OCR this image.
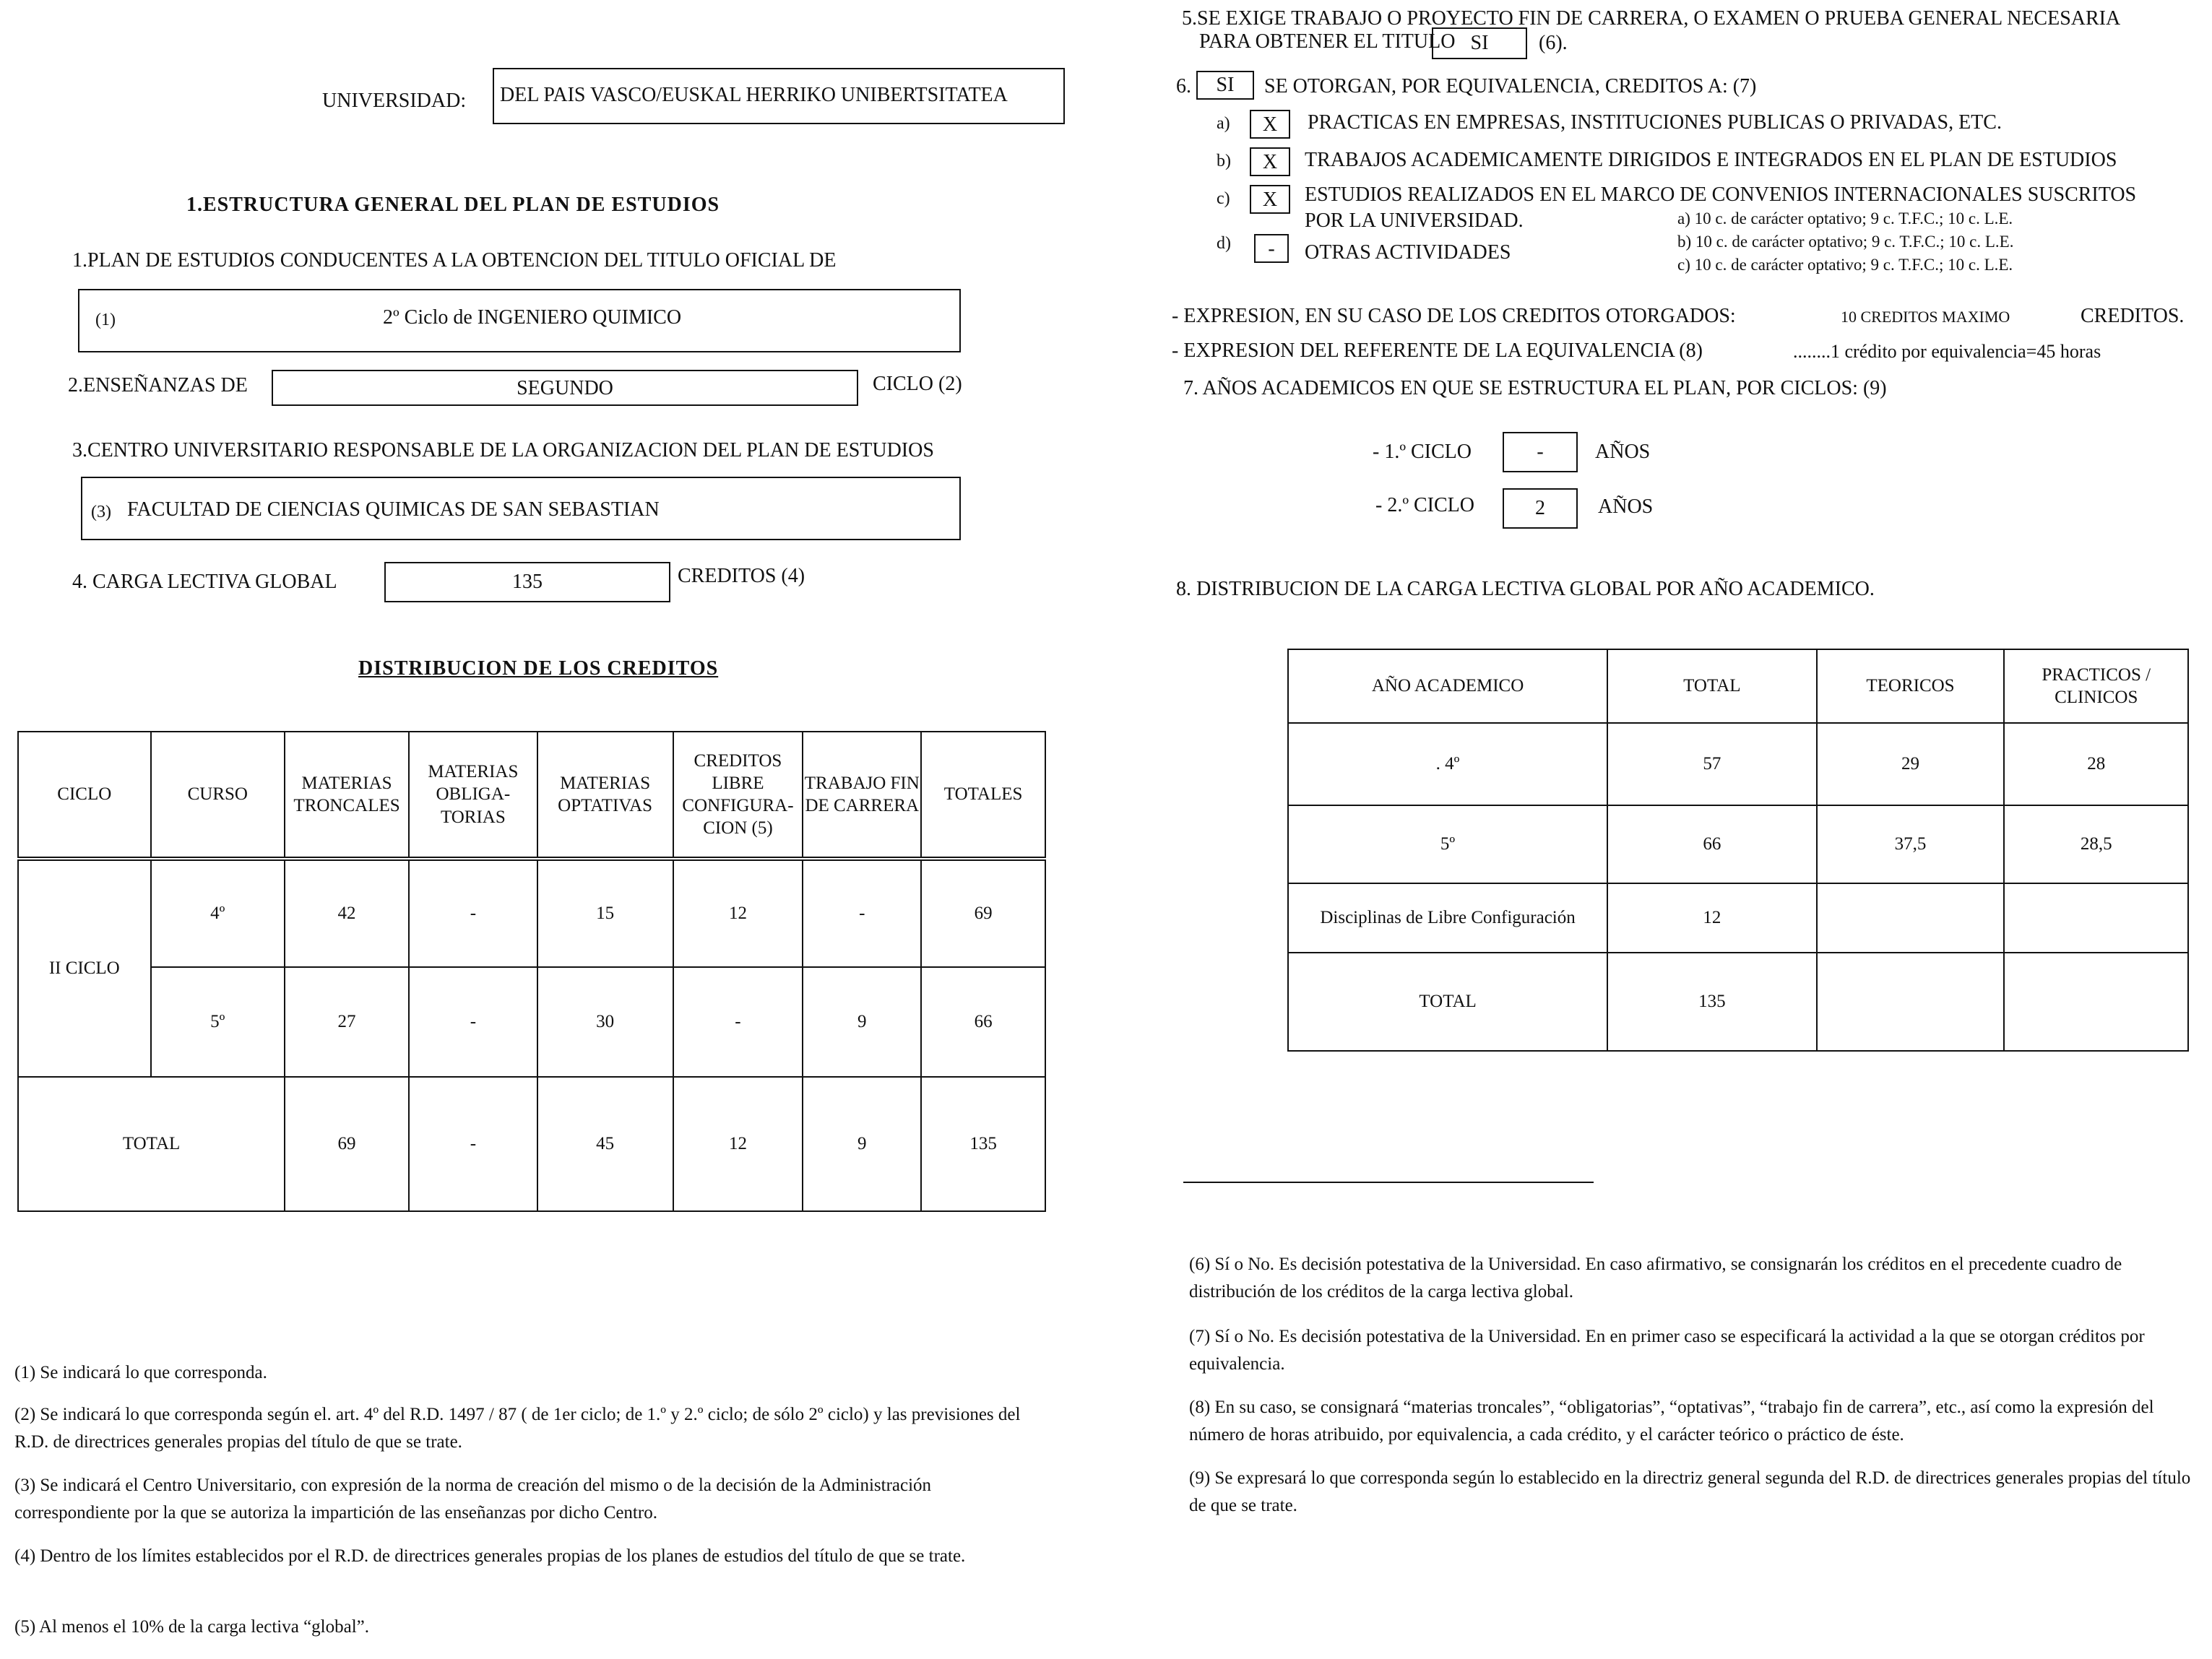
UNIVERSIDAD:	DEL PAIS VASCO/EUSKAL HERRIKO UNIBERTSITATEA
1.ESTRUCTURA GENERAL DEL PLAN DE ESTUDIOS
1.PLAN DE ESTUDIOS CONDUCENTES A LA OBTENCION DEL TITULO OFICIAL DE
(1)	2º Ciclo de INGENIERO QUIMICO
2.ENSEÑANZAS DE	SEGUNDO	CICLO (2)
3.CENTRO UNIVERSITARIO RESPONSABLE DE LA ORGANIZACION DEL PLAN DE ESTUDIOS
(3) FACULTAD DE CIENCIAS QUIMICAS DE SAN SEBASTIAN
4. CARGA LECTIVA GLOBAL	135	CREDITOS (4)
DISTRIBUCION DE LOS CREDITOS
CICLO	CURSO	MATERIAS TRONCALES	MATERIAS OBLIGA-TORIAS	MATERIAS OPTATIVAS	CREDITOS LIBRE CONFIGURA-CION (5)	TRABAJO FIN DE CARRERA	TOTALES
II CICLO	4º	42	-	15	12	-	69
	5º	27	-	30	-	9	66
TOTAL		69	-	45	12	9	135
(1) Se indicará lo que corresponda.
(2) Se indicará lo que corresponda según el. art. 4º del R.D. 1497 / 87 ( de 1er ciclo; de 1.º y 2.º ciclo; de sólo 2º ciclo) y las previsiones del R.D. de directrices generales propias del título de que se trate.
(3) Se indicará el Centro Universitario, con expresión de la norma de creación del mismo o de la decisión de la Administración correspondiente por la que se autoriza la impartición de las enseñanzas por dicho Centro.
(4) Dentro de los límites establecidos por el R.D. de directrices generales propias de los planes de estudios del título de que se trate.
(5) Al menos el 10% de la carga lectiva “global”.
5.SE EXIGE TRABAJO O PROYECTO FIN DE CARRERA, O EXAMEN O PRUEBA GENERAL NECESARIA
PARA OBTENER EL TITULO SI	(6).
6.	SI	SE OTORGAN, POR EQUIVALENCIA, CREDITOS A: (7)
a)	X	PRACTICAS EN EMPRESAS, INSTITUCIONES PUBLICAS O PRIVADAS, ETC.
b)	X	TRABAJOS ACADEMICAMENTE DIRIGIDOS E INTEGRADOS EN EL PLAN DE ESTUDIOS
c)	X	ESTUDIOS REALIZADOS EN EL MARCO DE CONVENIOS INTERNACIONALES SUSCRITOS
POR LA UNIVERSIDAD.
d)	-	OTRAS ACTIVIDADES
a) 10 c. de carácter optativo; 9 c. T.F.C.; 10 c. L.E.
b) 10 c. de carácter optativo; 9 c. T.F.C.; 10 c. L.E.
c) 10 c. de carácter optativo; 9 c. T.F.C.; 10 c. L.E.
- EXPRESION, EN SU CASO DE LOS CREDITOS OTORGADOS:	10 CREDITOS MAXIMO	CREDITOS.
- EXPRESION DEL REFERENTE DE LA EQUIVALENCIA (8)	........1 crédito por equivalencia=45 horas
7. AÑOS ACADEMICOS EN QUE SE ESTRUCTURA EL PLAN, POR CICLOS: (9)
- 1.º CICLO	-	AÑOS
- 2.º CICLO	2	AÑOS
8. DISTRIBUCION DE LA CARGA LECTIVA GLOBAL POR AÑO ACADEMICO.
AÑO ACADEMICO	TOTAL	TEORICOS	PRACTICOS / CLINICOS
. 4º	57	29	28
5º	66	37,5	28,5
Disciplinas de Libre Configuración	12		
TOTAL	135		
(6) Sí o No. Es decisión potestativa de la Universidad. En caso afirmativo, se consignarán los créditos en el precedente cuadro de distribución de los créditos de la carga lectiva global.
(7) Sí o No. Es decisión potestativa de la Universidad. En en primer caso se especificará la actividad a la que se otorgan créditos por equivalencia.
(8) En su caso, se consignará “materias troncales”, “obligatorias”, “optativas”, “trabajo fin de carrera”, etc., así como la expresión del número de horas atribuido, por equivalencia, a cada crédito, y el carácter teórico o práctico de éste.
(9) Se expresará lo que corresponda según lo establecido en la directriz general segunda del R.D. de directrices generales propias del título de que se trate.
